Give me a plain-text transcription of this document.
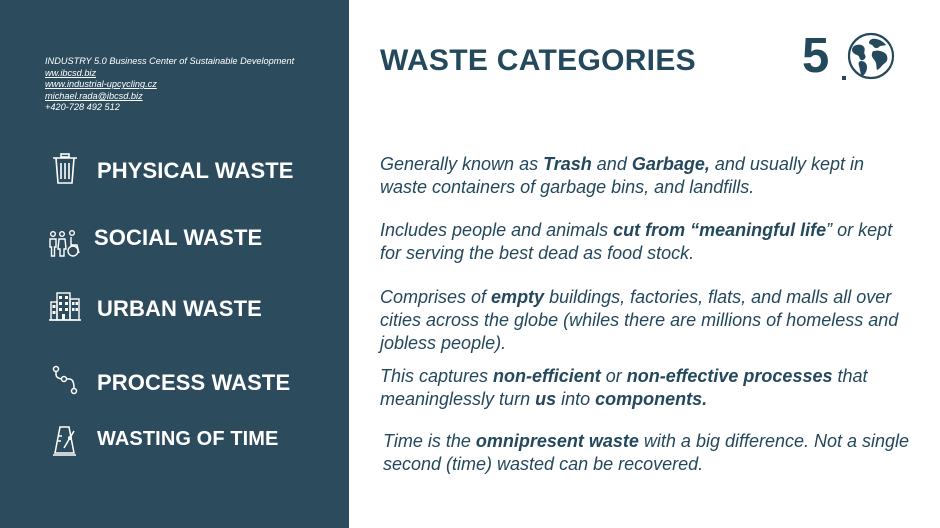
INDUSTRY 5.0 Business Center of Sustainable Development
ww.ibcsd.biz
www.industrial-upcycling.cz
michael.rada@ibcsd.biz
+420-728 492 512
PHYSICAL WASTE
SOCIAL WASTE
URBAN WASTE
PROCESS WASTE
WASTING OF TIME
WASTE CATEGORIES 5

Generally known as Trash and Garbage, and usually kept in waste containers of garbage bins, and landfills.

Includes people and animals cut from “meaningful life” or kept for serving the best dead as food stock.

Comprises of empty buildings, factories, flats, and malls all over cities across the globe (whiles there are millions of homeless and jobless people).

This captures non-efficient or non-effective processes that meaninglessly turn us into components.

Time is the omnipresent waste with a big difference. Not a single second (time) wasted can be recovered.
